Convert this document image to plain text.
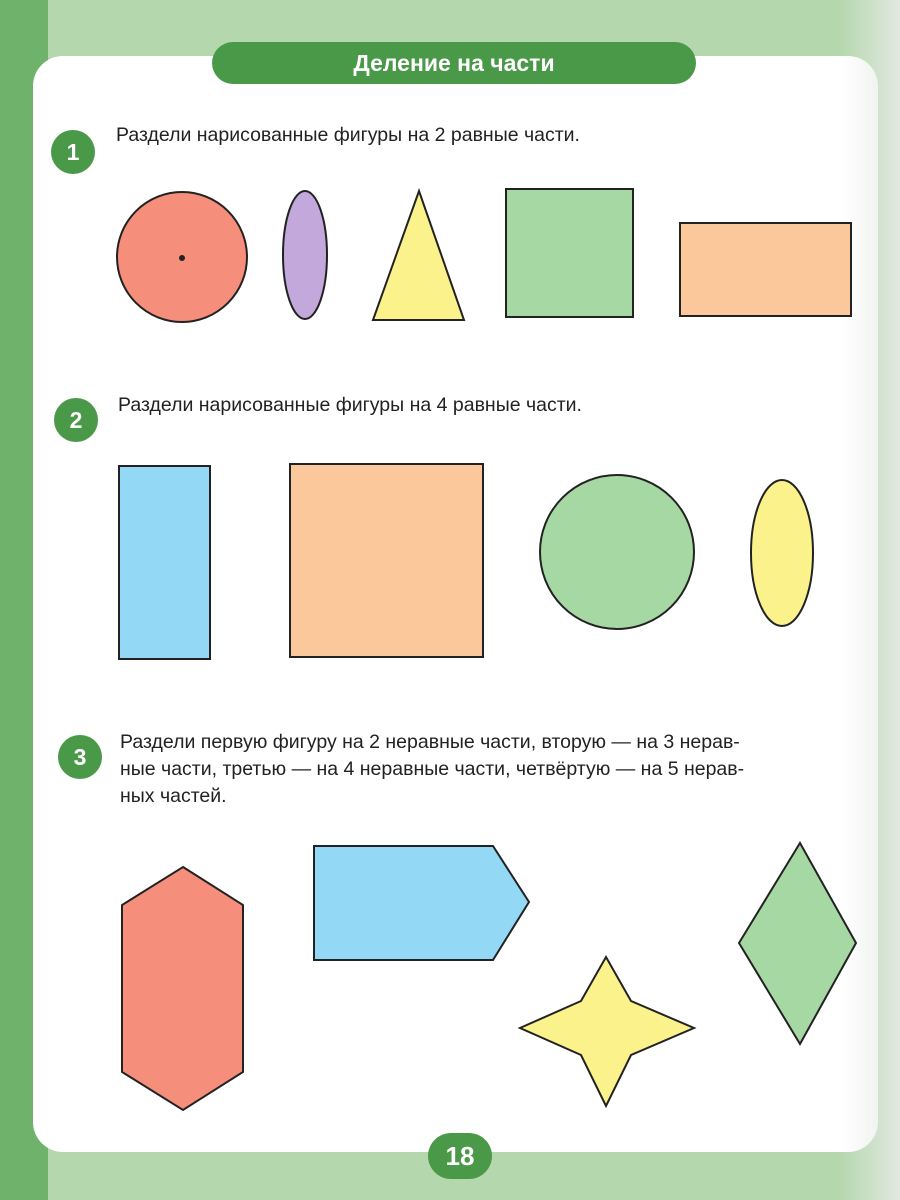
Деление на части
1
Раздели нарисованные фигуры на 2 равные части.
2
Раздели нарисованные фигуры на 4 равные части.
3
Раздели первую фигуру на 2 неравные части, вторую — на 3 нерав-
ные части, третью — на 4 неравные части, четвёртую — на 5 нерав-
ных частей.
18
